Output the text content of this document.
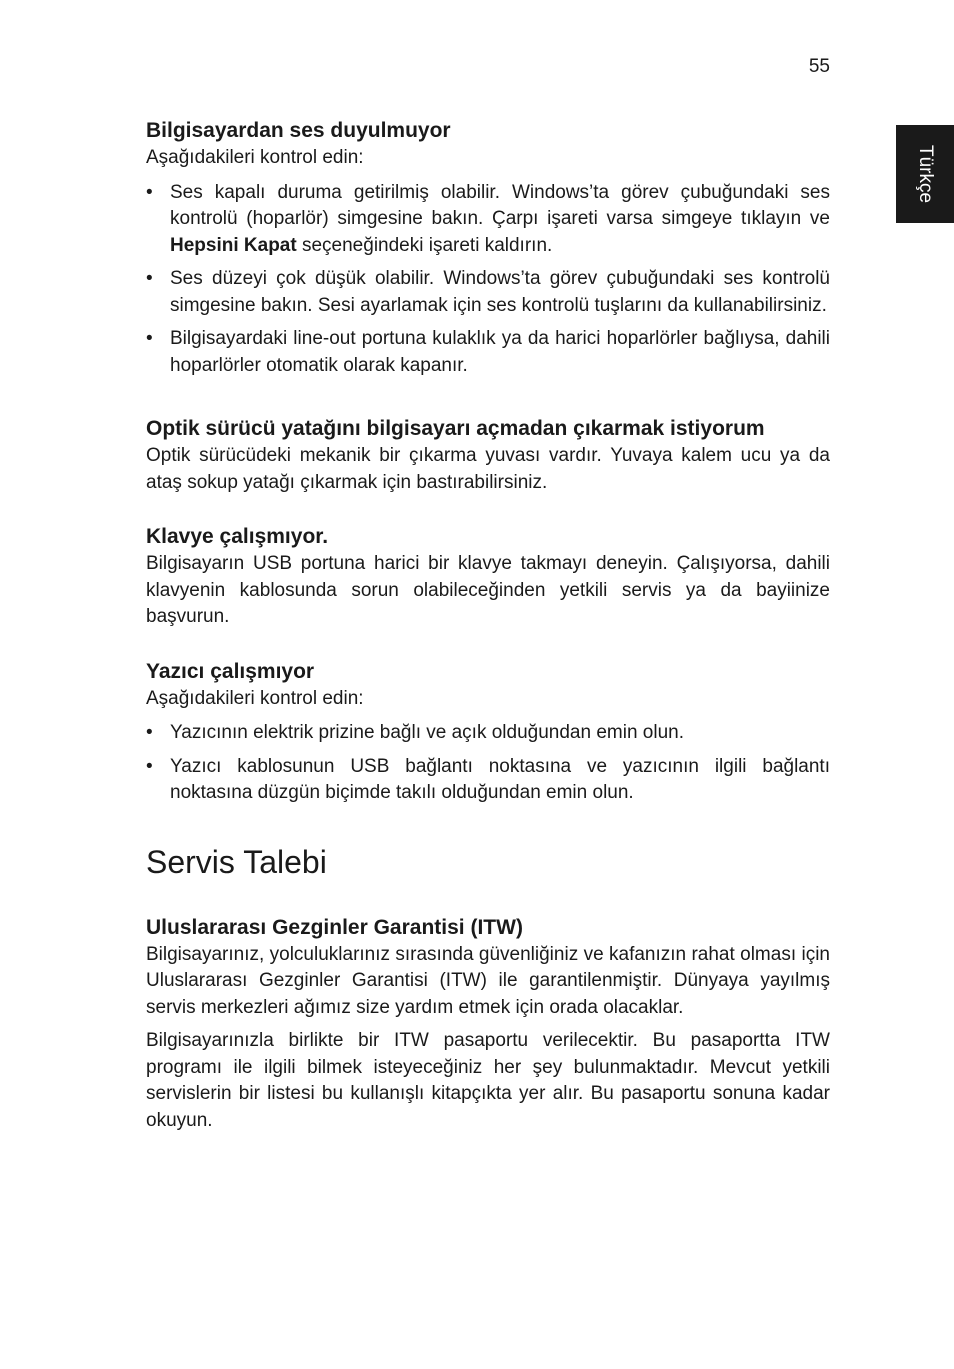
55
Türkçe
Bilgisayardan ses duyulmuyor

Aşağıdakileri kontrol edin:

• Ses kapalı duruma getirilmiş olabilir. Windows’ta görev çubuğundaki ses kontrolü (hoparlör) simgesine bakın. Çarpı işareti varsa simgeye tıklayın ve Hepsini Kapat seçeneğindeki işareti kaldırın.
• Ses düzeyi çok düşük olabilir. Windows’ta görev çubuğundaki ses kontrolü simgesine bakın. Sesi ayarlamak için ses kontrolü tuşlarını da kullanabilirsiniz.
• Bilgisayardaki line-out portuna kulaklık ya da harici hoparlörler bağlıysa, dahili hoparlörler otomatik olarak kapanır.
Optik sürücü yatağını bilgisayarı açmadan çıkarmak istiyorum

Optik sürücüdeki mekanik bir çıkarma yuvası vardır. Yuvaya kalem ucu ya da ataş sokup yatağı çıkarmak için bastırabilirsiniz.

Klavye çalışmıyor.

Bilgisayarın USB portuna harici bir klavye takmayı deneyin. Çalışıyorsa, dahili klavyenin kablosunda sorun olabileceğinden yetkili servis ya da bayiinize başvurun.

Yazıcı çalışmıyor

Aşağıdakileri kontrol edin:

• Yazıcının elektrik prizine bağlı ve açık olduğundan emin olun.
• Yazıcı kablosunun USB bağlantı noktasına ve yazıcının ilgili bağlantı noktasına düzgün biçimde takılı olduğundan emin olun.
Servis Talebi
Uluslararası Gezginler Garantisi (ITW)

Bilgisayarınız, yolculuklarınız sırasında güvenliğiniz ve kafanızın rahat olması için Uluslararası Gezginler Garantisi (ITW) ile garantilenmiştir. Dünyaya yayılmış servis merkezleri ağımız size yardım etmek için orada olacaklar.

Bilgisayarınızla birlikte bir ITW pasaportu verilecektir. Bu pasaportta ITW programı ile ilgili bilmek isteyeceğiniz her şey bulunmaktadır. Mevcut yetkili servislerin bir listesi bu kullanışlı kitapçıkta yer alır. Bu pasaportu sonuna kadar okuyun.
